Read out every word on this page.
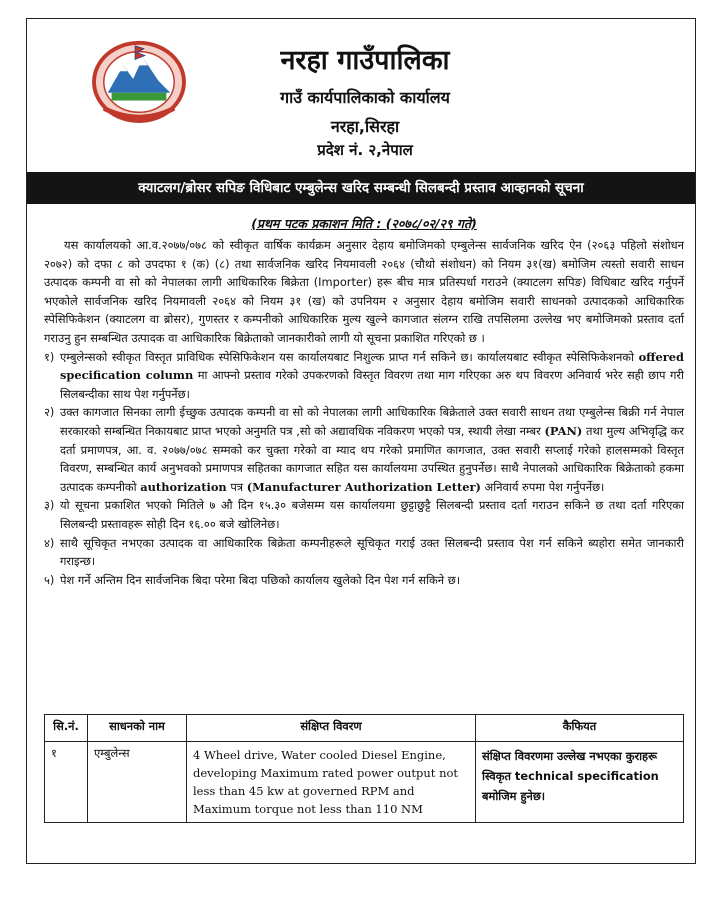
नरहा गाउँपालिका
गाउँ कार्यपालिकाको कार्यालय
नरहा,सिरहा
प्रदेश नं. २,नेपाल
क्याटलग/ब्रोसर सपिङ विधिबाट एम्बुलेन्स खरिद सम्बन्धी सिलबन्दी प्रस्ताव आव्हानको सूचना
(प्रथम पटक प्रकाशन मिति : (२०७८/०२/२९ गते)

यस कार्यालयको आ.व.२०७७/०७८ को स्वीकृत वार्षिक कार्यक्रम अनुसार देहाय बमोजिमको एम्बुलेन्स सार्वजनिक खरिद ऐन (२०६३ पहिलो संशोधन २०७२) को दफा ८ को उपदफा १ (क) (८) तथा सार्वजनिक खरिद नियमावली २०६४ (चौथो संशोधन) को नियम ३१(ख) बमोजिम त्यस्तो सवारी साधन उत्पादक कम्पनी वा सो को नेपालका लागी आधिकारिक बिक्रेता (Importer) हरू बीच मात्र प्रतिस्पर्धा गराउने (क्याटलग सपिङ) विधिबाट खरिद गर्नुपर्ने भएकोले सार्वजनिक खरिद नियमावली २०६४ को नियम ३१ (ख) को उपनियम २ अनुसार देहाय बमोजिम सवारी साधनको उत्पादकको आधिकारिक स्पेसिफिकेशन (क्याटलग वा ब्रोसर), गुणस्तर र कम्पनीको आधिकारिक मुल्य खुल्ने कागजात संलग्न राखि तपसिलमा उल्लेख भए बमोजिमको प्रस्ताव दर्ता गराउनु हुन सम्बन्धित उत्पादक वा आधिकारिक बिक्रेताको जानकारीको लागी यो सूचना प्रकाशित गरिएको छ ।

१) एम्बुलेन्सको स्वीकृत विस्तृत प्राविधिक स्पेसिफिकेशन यस कार्यालयबाट निशुल्क प्राप्त गर्न सकिने छ। कार्यालयबाट स्वीकृत स्पेसिफिकेशनको offered specification column मा आफ्नो प्रस्ताव गरेको उपकरणको विस्तृत विवरण तथा माग गरिएका अरु थप विवरण अनिवार्य भरेर सही छाप गरी सिलबन्दीका साथ पेश गर्नुपर्नेछ।
२) उक्त कागजात सिनका लागी ईच्छुक उत्पादक कम्पनी वा सो को नेपालका लागी आधिकारिक बिक्रेताले उक्त सवारी साधन तथा एम्बुलेन्स बिक्री गर्न नेपाल सरकारको सम्बन्धित निकायबाट प्राप्त भएको अनुमति पत्र ,सो को अद्यावधिक नविकरण भएको पत्र, स्थायी लेखा नम्बर (PAN) तथा मुल्य अभिवृद्धि कर दर्ता प्रमाणपत्र, आ. व. २०७७/०७८ सम्मको कर चुक्ता गरेको वा म्याद थप गरेको प्रमाणित कागजात, उक्त सवारी सप्लाई गरेको हालसम्मको विस्तृत विवरण, सम्बन्धित कार्य अनुभवको प्रमाणपत्र सहितका कागजात सहित यस कार्यालयमा उपस्थित हुनुपर्नेछ। साथै नेपालको आधिकारिक बिक्रेताको हकमा उत्पादक कम्पनीको authorization पत्र (Manufacturer Authorization Letter) अनिवार्य रुपमा पेश गर्नुपर्नेछ।
३) यो सूचना प्रकाशित भएको मितिले ७ औ दिन १५.३० बजेसम्म यस कार्यालयमा छुट्टाछुट्टै सिलबन्दी प्रस्ताव दर्ता गराउन सकिने छ तथा दर्ता गरिएका सिलबन्दी प्रस्तावहरू सोही दिन १६.०० बजे खोलिनेछ।
४) साथै सूचिकृत नभएका उत्पादक वा आधिकारिक बिक्रेता कम्पनीहरूले सूचिकृत गराई उक्त सिलबन्दी प्रस्ताव पेश गर्न सकिने ब्यहोरा समेत जानकारी गराइन्छ।
५) पेश गर्ने अन्तिम दिन सार्वजनिक बिदा परेमा बिदा पछिको कार्यालय खुलेको दिन पेश गर्न सकिने छ।
सि.नं.	साधनको नाम	संक्षिप्त विवरण	कैफियत
१	एम्बुलेन्स	4 Wheel drive, Water cooled Diesel Engine, developing Maximum rated power output not less than 45 kw at governed RPM and Maximum torque not less than 110 NM	संक्षिप्त विवरणमा उल्लेख नभएका कुराहरू स्विकृत technical specification बमोजिम हुनेछ।
